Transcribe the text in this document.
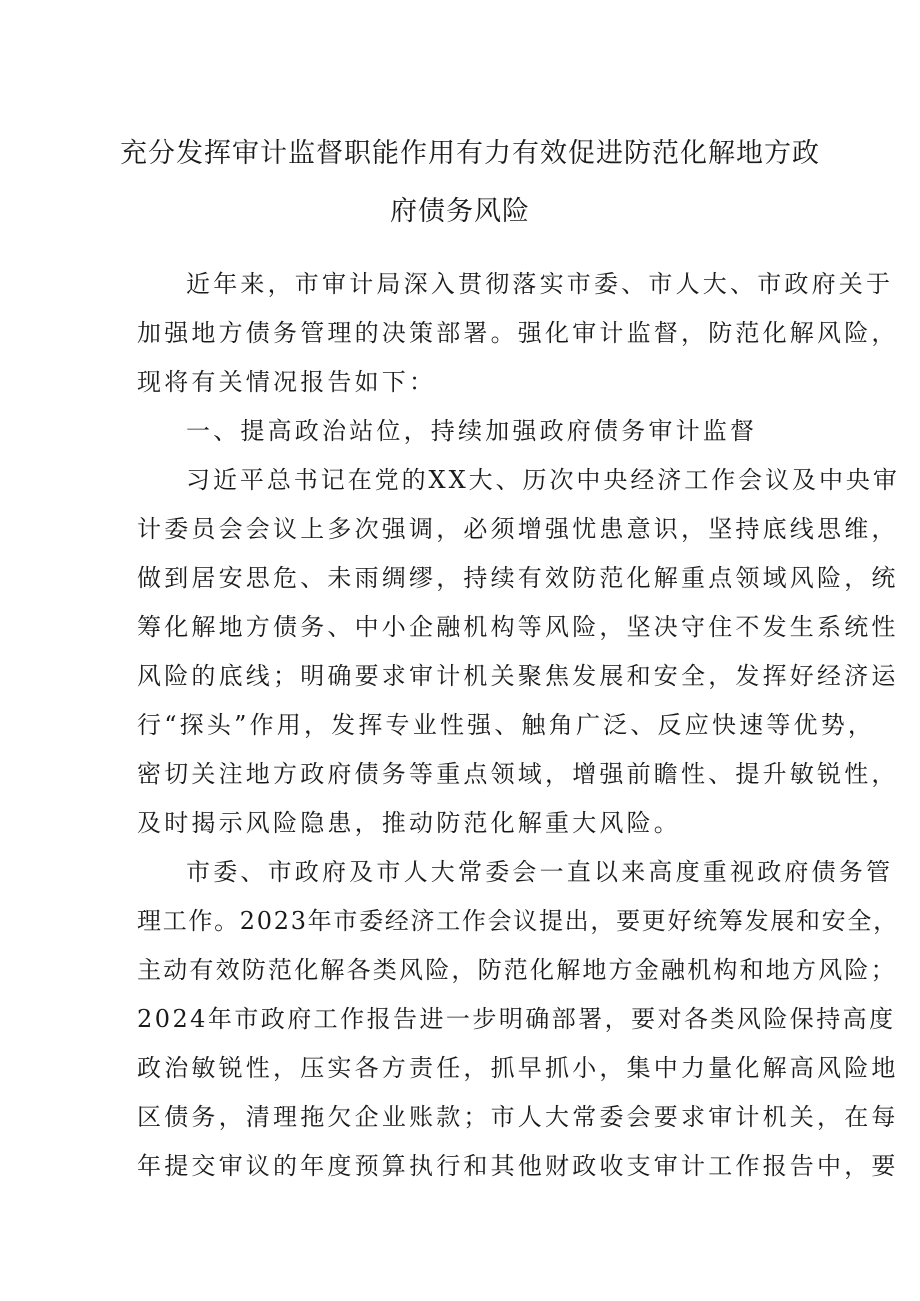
充分发挥审计监督职能作用有力有效促进防范化解地方政
府债务风险
近年来，市审计局深入贯彻落实市委、市人大、市政府关于
加强地方债务管理的决策部署。强化审计监督，防范化解风险，
现将有关情况报告如下：
一、提高政治站位，持续加强政府债务审计监督
习近平总书记在党的XX大、历次中央经济工作会议及中央审
计委员会会议上多次强调，必须增强忧患意识，坚持底线思维，
做到居安思危、未雨绸缪，持续有效防范化解重点领域风险，统
筹化解地方债务、中小企融机构等风险，坚决守住不发生系统性
风险的底线；明确要求审计机关聚焦发展和安全，发挥好经济运
行“探头”作用，发挥专业性强、触角广泛、反应快速等优势，
密切关注地方政府债务等重点领域，增强前瞻性、提升敏锐性，
及时揭示风险隐患，推动防范化解重大风险。
市委、市政府及市人大常委会一直以来高度重视政府债务管
理工作。2023年市委经济工作会议提出，要更好统筹发展和安全，
主动有效防范化解各类风险，防范化解地方金融机构和地方风险；
2024年市政府工作报告进一步明确部署，要对各类风险保持高度
政治敏锐性，压实各方责任，抓早抓小，集中力量化解高风险地
区债务，清理拖欠企业账款；市人大常委会要求审计机关，在每
年提交审议的年度预算执行和其他财政收支审计工作报告中，要
